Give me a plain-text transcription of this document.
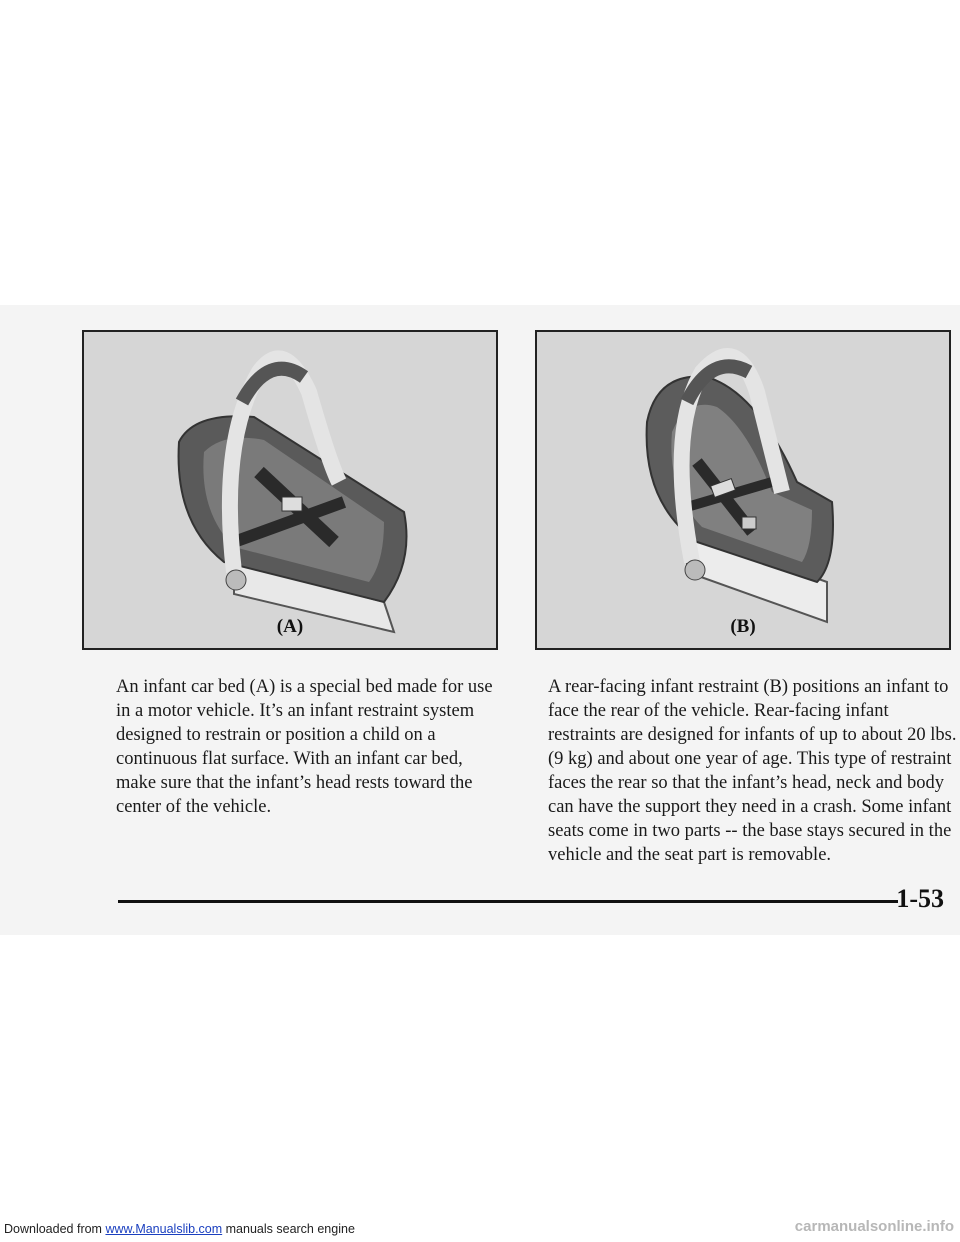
(A)	(B)

An infant car bed (A) is a special bed made for use in a motor vehicle. It’s an infant restraint system designed to restrain or position a child on a continuous flat surface. With an infant car bed, make sure that the infant’s head rests toward the center of the vehicle.

A rear-facing infant restraint (B) positions an infant to face the rear of the vehicle. Rear-facing infant restraints are designed for infants of up to about 20 lbs. (9 kg) and about one year of age. This type of restraint faces the rear so that the infant’s head, neck and body can have the support they need in a crash. Some infant seats come in two parts -- the base stays secured in the vehicle and the seat part is removable.

1-53
Downloaded from www.Manualslib.com manuals search engine	carmanualsonline.info
